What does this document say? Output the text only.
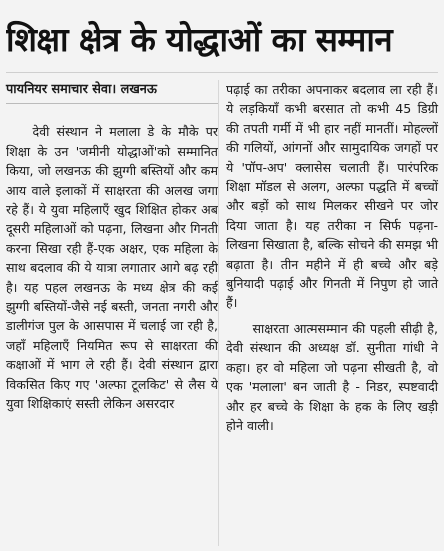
शिक्षा क्षेत्र के योद्धाओं का सम्मान
पायनियर समाचार सेवा। लखनऊ

देवी संस्थान ने मलाला डे के मौके पर शिक्षा के उन 'जमीनी योद्धाओं'को सम्मानित किया, जो लखनऊ की झुग्गी बस्तियों और कम आय वाले इलाकों में साक्षरता की अलख जगा रहे हैं। ये युवा महिलाएँ खुद शिक्षित होकर अब दूसरी महिलाओं को पढ़ना, लिखना और गिनती करना सिखा रही हैं-एक अक्षर, एक महिला के साथ बदलाव की ये यात्रा लगातार आगे बढ़ रही है। यह पहल लखनऊ के मध्य क्षेत्र की कई झुग्गी बस्तियों-जैसे नई बस्ती, जनता नगरी और डालीगंज पुल के आसपास में चलाई जा रही है, जहाँ महिलाएँ नियमित रूप से साक्षरता की कक्षाओं में भाग ले रही हैं। देवी संस्थान द्वारा विकसित किए गए 'अल्फा टूलकिट' से लैस ये युवा शिक्षिकाएं सस्ती लेकिन असरदार

पढ़ाई का तरीका अपनाकर बदलाव ला रही हैं। ये लड़कियाँ कभी बरसात तो कभी 45 डिग्री की तपती गर्मी में भी हार नहीं मानतीं। मोहल्लों की गलियों, आंगनों और सामुदायिक जगहों पर ये 'पॉप-अप' क्लासेस चलाती हैं। पारंपरिक शिक्षा मॉडल से अलग, अल्फा पद्धति में बच्चों और बड़ों को साथ मिलकर सीखने पर जोर दिया जाता है। यह तरीका न सिर्फ पढ़ना-लिखना सिखाता है, बल्कि सोचने की समझ भी बढ़ाता है। तीन महीने में ही बच्चे और बड़े बुनियादी पढ़ाई और गिनती में निपुण हो जाते हैं।

साक्षरता आत्मसम्मान की पहली सीढ़ी है, देवी संस्थान की अध्यक्ष डॉ. सुनीता गांधी ने कहा। हर वो महिला जो पढ़ना सीखती है, वो एक 'मलाला' बन जाती है - निडर, स्पष्टवादी और हर बच्चे के शिक्षा के हक के लिए खड़ी होने वाली।
